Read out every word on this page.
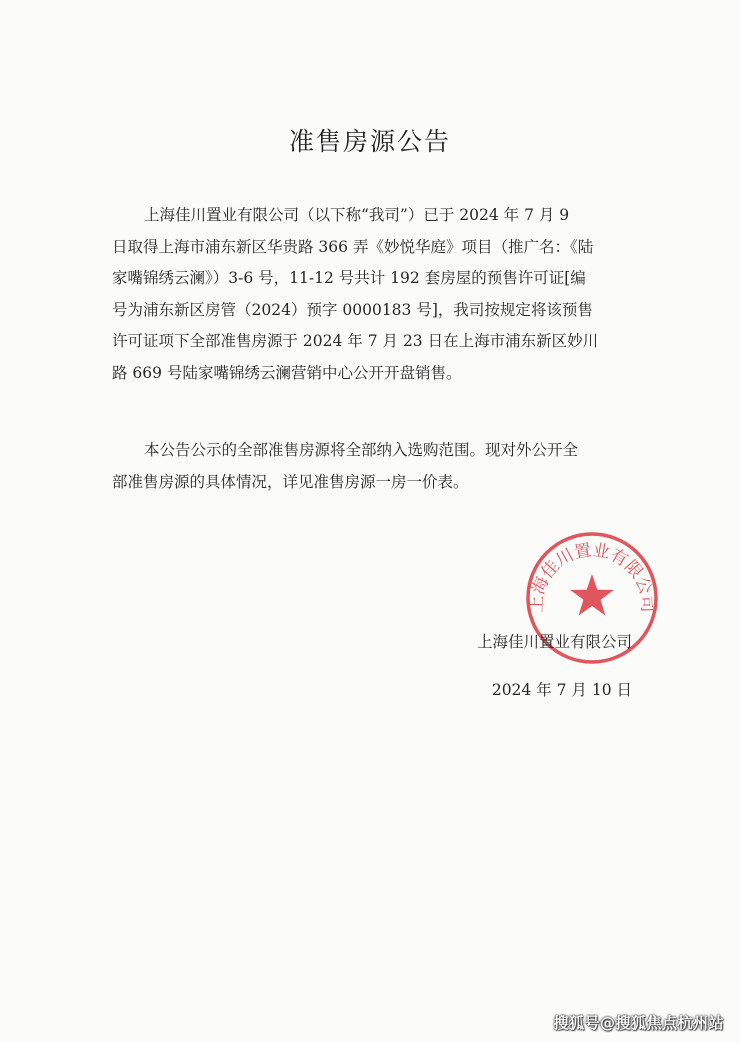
准售房源公告
上海佳川置业有限公司（以下称“我司”）已于 2024 年 7 月 9
日取得上海市浦东新区华贵路 366 弄《妙悦华庭》项目（推广名：《陆
家嘴锦绣云澜》）3-6 号，11-12 号共计 192 套房屋的预售许可证[编
号为浦东新区房管（2024）预字 0000183 号]，我司按规定将该预售
许可证项下全部准售房源于 2024 年 7 月 23 日在上海市浦东新区妙川
路 669 号陆家嘴锦绣云澜营销中心公开开盘销售。
本公告公示的全部准售房源将全部纳入选购范围。现对外公开全
部准售房源的具体情况，详见准售房源一房一价表。
上海佳川置业有限公司
上海佳川置业有限公司
2024 年 7 月 10 日
搜狐号@搜狐焦点杭州站
